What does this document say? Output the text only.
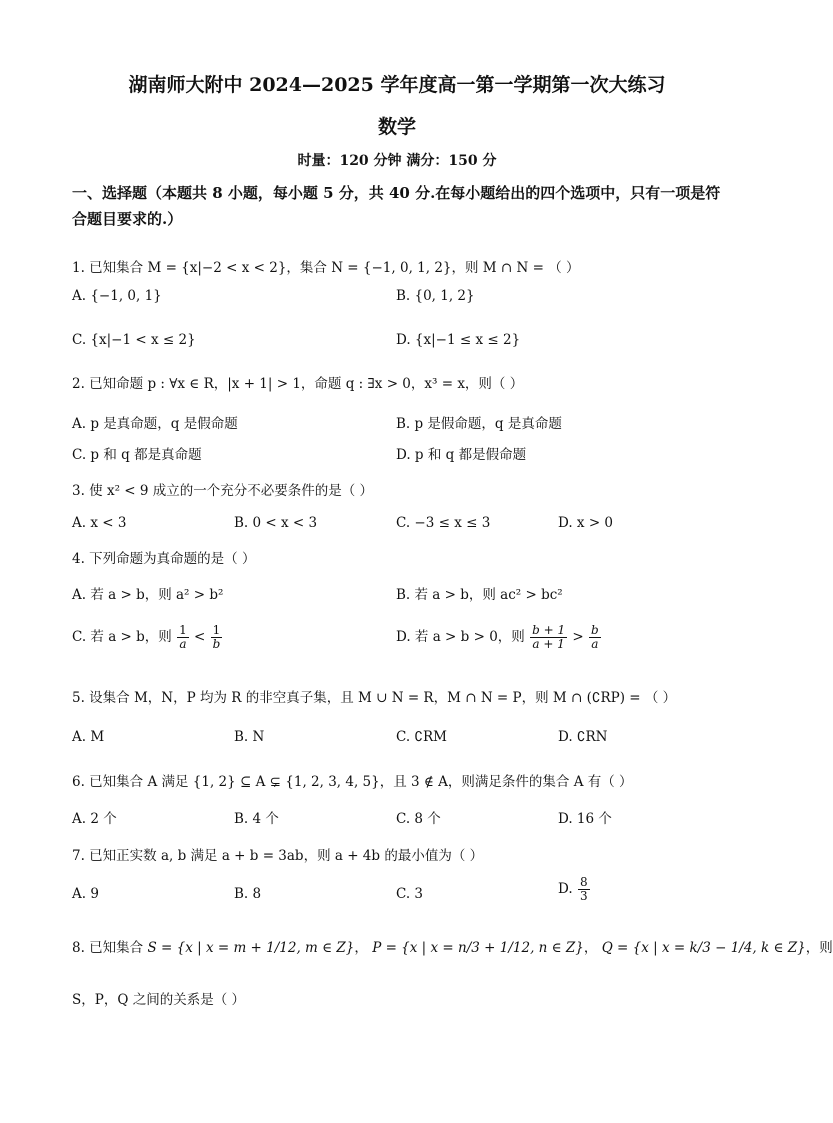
湖南师大附中 2024—2025 学年度高一第一学期第一次大练习
数学
时量：120 分钟 满分：150 分
一、选择题（本题共 8 小题，每小题 5 分，共 40 分.在每小题给出的四个选项中，只有一项是符合题目要求的.）
1. 已知集合 M = {x|−2 < x < 2}，集合 N = {−1, 0, 1, 2}，则 M ∩ N = （ ）
A. {−1, 0, 1}	B. {0, 1, 2}
C. {x|−1 < x ≤ 2}	D. {x|−1 ≤ x ≤ 2}
2. 已知命题 p : ∀x ∈ R，|x + 1| > 1，命题 q : ∃x > 0，x³ = x，则（ ）
A. p 是真命题，q 是假命题	B. p 是假命题，q 是真命题
C. p 和 q 都是真命题	D. p 和 q 都是假命题
3. 使 x² < 9 成立的一个充分不必要条件的是（ ）
A. x < 3	B. 0 < x < 3	C. −3 ≤ x ≤ 3	D. x > 0
4. 下列命题为真命题的是（ ）
A. 若 a > b，则 a² > b²	B. 若 a > b，则 ac² > bc²
C. 若 a > b，则 $\frac{1}{a} < \frac{1}{b}$	D. 若 a > b > 0，则 $\frac{b + 1}{a + 1} > \frac{b}{a}$
5. 设集合 M，N，P 均为 R 的非空真子集，且 M ∪ N = R，M ∩ N = P，则 M ∩ (∁RP) = （ ）
A. M	B. N	C. ∁RM	D. ∁RN
6. 已知集合 A 满足 {1, 2} ⊆ A ⊊ {1, 2, 3, 4, 5}，且 3 ∉ A，则满足条件的集合 A 有（ ）
A. 2 个	B. 4 个	C. 8 个	D. 16 个
7. 已知正实数 a, b 满足 a + b = 3ab，则 a + 4b 的最小值为（ ）
A. 9	B. 8	C. 3	D. $\frac{8}{3}$
8. 已知集合 S = {x | x = m + 1/12, m ∈ Z}， P = {x | x = n/3 + 1/12, n ∈ Z}， Q = {x | x = k/3 − 1/4, k ∈ Z}，则
S，P，Q 之间的关系是（ ）
